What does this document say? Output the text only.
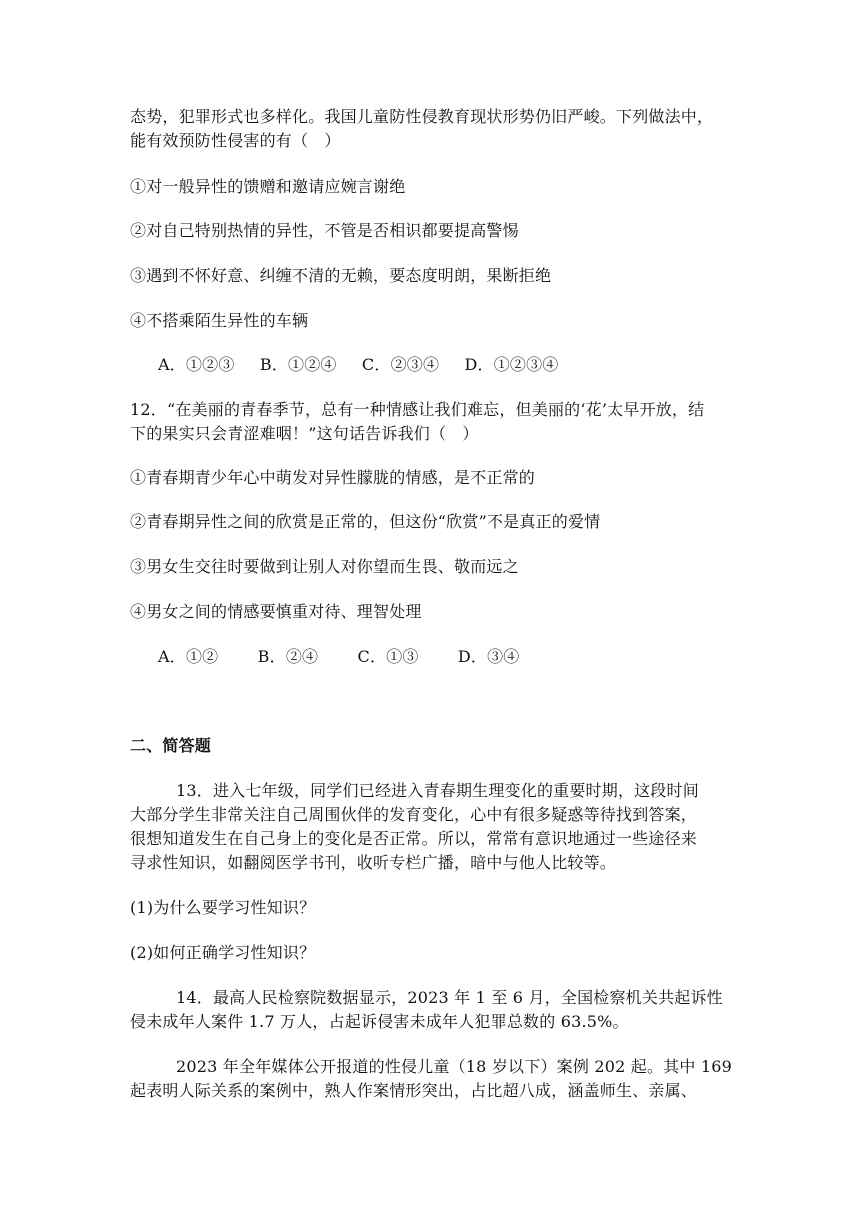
态势，犯罪形式也多样化。我国儿童防性侵教育现状形势仍旧严峻。下列做法中，
能有效预防性侵害的有（　）
①对一般异性的馈赠和邀请应婉言谢绝
②对自己特别热情的异性，不管是否相识都要提高警惕
③遇到不怀好意、纠缠不清的无赖，要态度明朗，果断拒绝
④不搭乘陌生异性的车辆
A．①②③ B．①②④ C．②③④ D．①②③④
12．“在美丽的青春季节，总有一种情感让我们难忘，但美丽的‘花’太早开放，结
下的果实只会青涩难咽！”这句话告诉我们（　）
①青春期青少年心中萌发对异性朦胧的情感，是不正常的
②青春期异性之间的欣赏是正常的，但这份“欣赏”不是真正的爱情
③男女生交往时要做到让别人对你望而生畏、敬而远之
④男女之间的情感要慎重对待、理智处理
A．①② B．②④ C．①③ D．③④
二、简答题
13．进入七年级，同学们已经进入青春期生理变化的重要时期，这段时间
大部分学生非常关注自己周围伙伴的发育变化，心中有很多疑惑等待找到答案，
很想知道发生在自己身上的变化是否正常。所以，常常有意识地通过一些途径来
寻求性知识，如翻阅医学书刊，收听专栏广播，暗中与他人比较等。
(1)为什么要学习性知识？
(2)如何正确学习性知识？
14．最高人民检察院数据显示，2023 年 1 至 6 月，全国检察机关共起诉性
侵未成年人案件 1.7 万人，占起诉侵害未成年人犯罪总数的 63.5%。
2023 年全年媒体公开报道的性侵儿童（18 岁以下）案例 202 起。其中 169
起表明人际关系的案例中，熟人作案情形突出，占比超八成，涵盖师生、亲属、
